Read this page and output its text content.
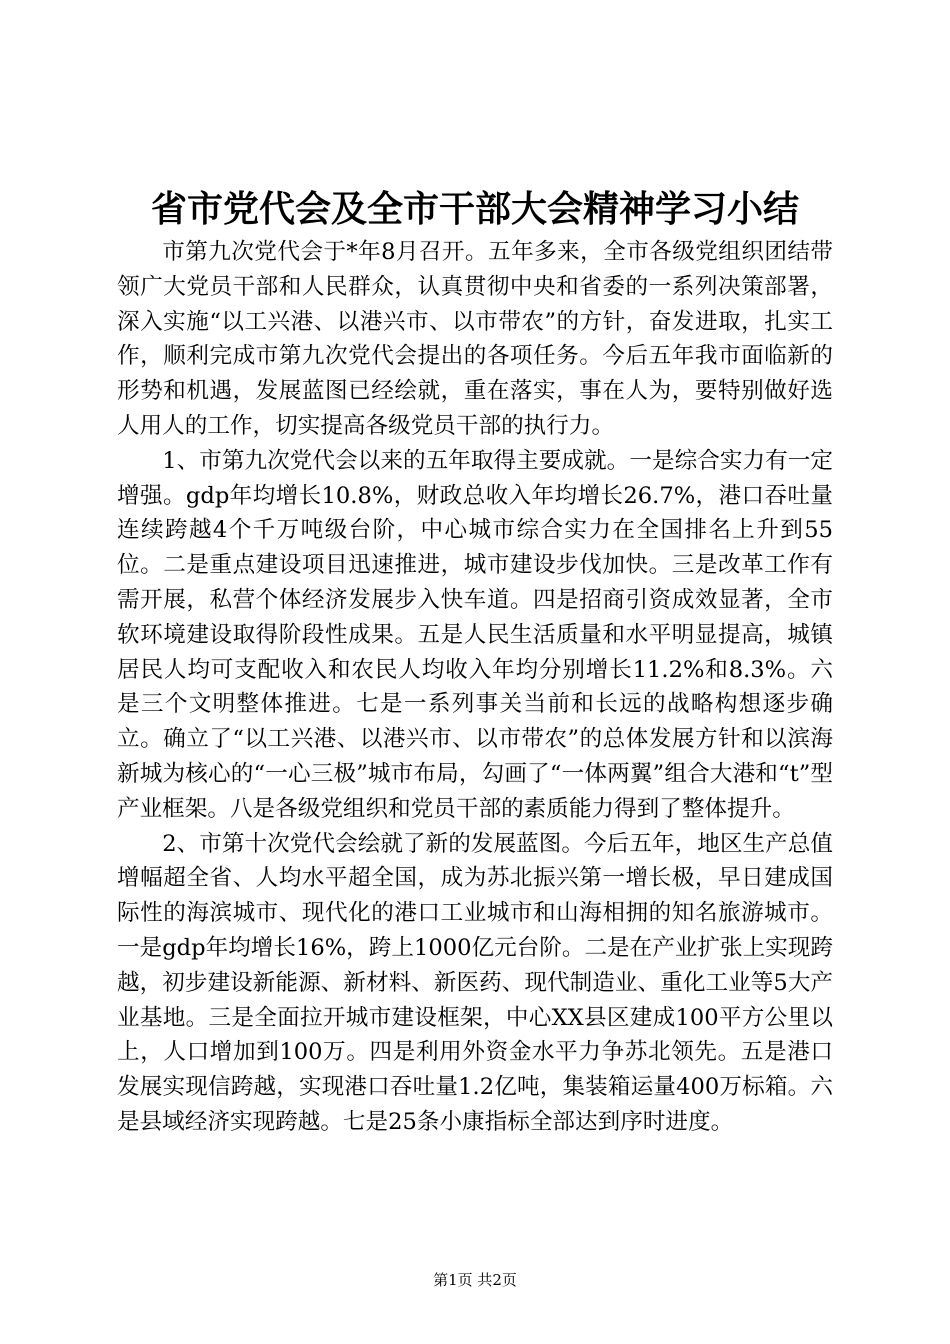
省市党代会及全市干部大会精神学习小结

市第九次党代会于*年8月召开。五年多来，全市各级党组织团结带领广大党员干部和人民群众，认真贯彻中央和省委的一系列决策部署，深入实施“以工兴港、以港兴市、以市带农”的方针，奋发进取，扎实工作，顺利完成市第九次党代会提出的各项任务。今后五年我市面临新的形势和机遇，发展蓝图已经绘就，重在落实，事在人为，要特别做好选人用人的工作，切实提高各级党员干部的执行力。

1、市第九次党代会以来的五年取得主要成就。一是综合实力有一定增强。gdp年均增长10.8%，财政总收入年均增长26.7%，港口吞吐量连续跨越4个千万吨级台阶，中心城市综合实力在全国排名上升到55位。二是重点建设项目迅速推进，城市建设步伐加快。三是改革工作有需开展，私营个体经济发展步入快车道。四是招商引资成效显著，全市软环境建设取得阶段性成果。五是人民生活质量和水平明显提高，城镇居民人均可支配收入和农民人均收入年均分别增长11.2%和8.3%。六是三个文明整体推进。七是一系列事关当前和长远的战略构想逐步确立。确立了“以工兴港、以港兴市、以市带农”的总体发展方针和以滨海新城为核心的“一心三极”城市布局，勾画了“一体两翼”组合大港和“t”型产业框架。八是各级党组织和党员干部的素质能力得到了整体提升。

2、市第十次党代会绘就了新的发展蓝图。今后五年，地区生产总值增幅超全省、人均水平超全国，成为苏北振兴第一增长极，早日建成国际性的海滨城市、现代化的港口工业城市和山海相拥的知名旅游城市。一是gdp年均增长16%，跨上1000亿元台阶。二是在产业扩张上实现跨越，初步建设新能源、新材料、新医药、现代制造业、重化工业等5大产业基地。三是全面拉开城市建设框架，中心XX县区建成100平方公里以上，人口增加到100万。四是利用外资金水平力争苏北领先。五是港口发展实现信跨越，实现港口吞吐量1.2亿吨，集装箱运量400万标箱。六是县域经济实现跨越。七是25条小康指标全部达到序时进度。

第1页 共2页
